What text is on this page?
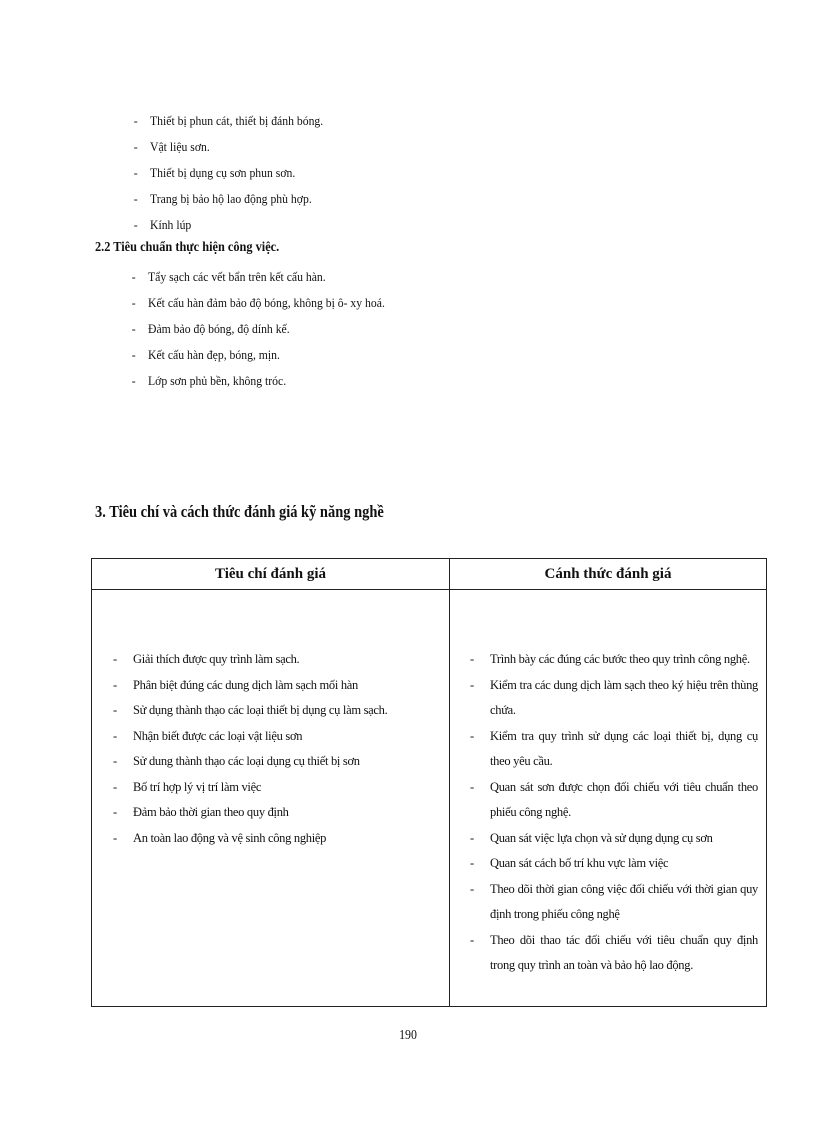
- Thiết bị phun cát, thiết bị đánh bóng.
- Vật liệu sơn.
- Thiết bị dụng cụ sơn phun sơn.
- Trang bị bảo hộ lao động phù hợp.
- Kính lúp
2.2 Tiêu chuẩn thực hiện công việc.
- Tẩy sạch các vết bẩn trên kết cấu hàn.
- Kết cấu hàn đảm bảo độ bóng, không bị ô- xy hoá.
- Đảm bảo độ bóng, độ dính kế.
- Kết cấu hàn đẹp, bóng, mịn.
- Lớp sơn phủ bền, không tróc.
3. Tiêu chí và cách thức đánh giá kỹ năng nghề
Tiêu chí đánh giá	Cánh thức đánh giá
- Giải thích được quy trình làm sạch.
- Phân biệt đúng các dung dịch làm sạch mối hàn
- Sử dụng thành thạo các loại thiết bị dụng cụ làm sạch.
- Nhận biết được các loại vật liệu sơn
- Sử dung thành thạo các loại dụng cụ thiết bị sơn
- Bố trí hợp lý vị trí làm việc
- Đảm bảo thời gian theo quy định
- An toàn lao động và vệ sinh công nghiệp
- Trình bày các đúng các bước theo quy trình công nghệ.
- Kiểm tra các dung dịch làm sạch theo ký hiệu trên thùng chứa.
- Kiểm tra quy trình sử dụng các loại thiết bị, dụng cụ theo yêu cầu.
- Quan sát sơn được chọn đối chiếu với tiêu chuẩn theo phiếu công nghệ.
- Quan sát việc lựa chọn và sử dụng dụng cụ sơn
- Quan sát cách bố trí khu vực làm việc
- Theo dõi thời gian công việc đối chiếu với thời gian quy định trong phiếu công nghệ
- Theo dõi thao tác đối chiếu với tiêu chuẩn quy định trong quy trình an toàn và bảo hộ lao động.
190
